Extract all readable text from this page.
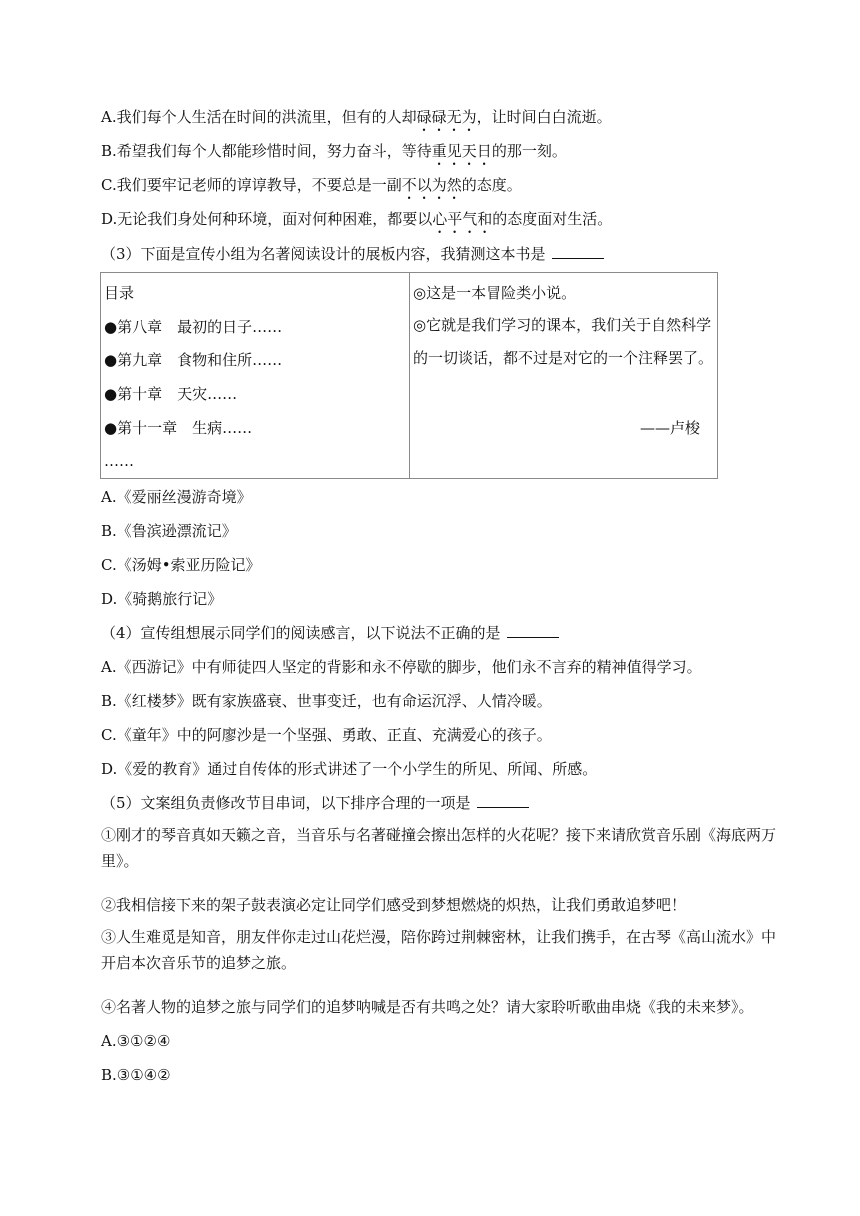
A.我们每个人生活在时间的洪流里，但有的人却碌碌无为，让时间白白流逝。
B.希望我们每个人都能珍惜时间，努力奋斗，等待重见天日的那一刻。
C.我们要牢记老师的谆谆教导，不要总是一副不以为然的态度。
D.无论我们身处何种环境，面对何种困难，都要以心平气和的态度面对生活。
（3）下面是宣传小组为名著阅读设计的展板内容，我猜测这本书是
目录
●第八章　最初的日子……
●第九章　食物和住所……
●第十章　天灾……
●第十一章　生病……
……

◎这是一本冒险类小说。
◎它就是我们学习的课本，我们关于自然科学的一切谈话，都不过是对它的一个注释罢了。
——卢梭
A.《爱丽丝漫游奇境》
B.《鲁滨逊漂流记》
C.《汤姆•索亚历险记》
D.《骑鹅旅行记》
（4）宣传组想展示同学们的阅读感言，以下说法不正确的是
A.《西游记》中有师徒四人坚定的背影和永不停歇的脚步，他们永不言弃的精神值得学习。
B.《红楼梦》既有家族盛衰、世事变迁，也有命运沉浮、人情冷暖。
C.《童年》中的阿廖沙是一个坚强、勇敢、正直、充满爱心的孩子。
D.《爱的教育》通过自传体的形式讲述了一个小学生的所见、所闻、所感。
（5）文案组负责修改节目串词，以下排序合理的一项是
①刚才的琴音真如天籁之音，当音乐与名著碰撞会擦出怎样的火花呢？接下来请欣赏音乐剧《海底两万里》。
②我相信接下来的架子鼓表演必定让同学们感受到梦想燃烧的炽热，让我们勇敢追梦吧！
③人生难觅是知音，朋友伴你走过山花烂漫，陪你跨过荆棘密林，让我们携手，在古琴《高山流水》中开启本次音乐节的追梦之旅。
④名著人物的追梦之旅与同学们的追梦呐喊是否有共鸣之处？请大家聆听歌曲串烧《我的未来梦》。
A.③①②④
B.③①④②
